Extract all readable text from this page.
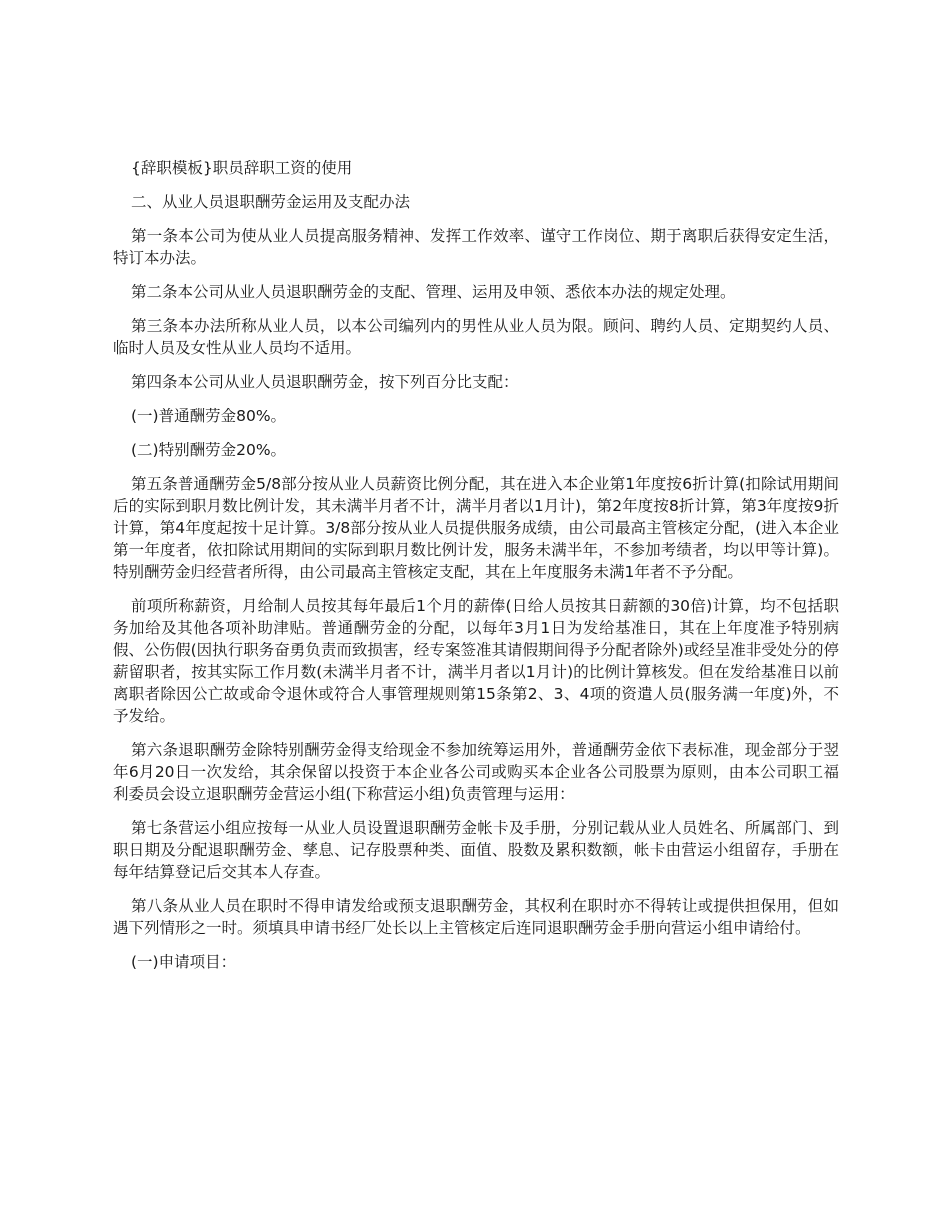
{辞职模板}职员辞职工资的使用

二、从业人员退职酬劳金运用及支配办法

第一条本公司为使从业人员提高服务精神、发挥工作效率、谨守工作岗位、期于离职后获得安定生活，特订本办法。

第二条本公司从业人员退职酬劳金的支配、管理、运用及申领、悉依本办法的规定处理。

第三条本办法所称从业人员，以本公司编列内的男性从业人员为限。顾问、聘约人员、定期契约人员、临时人员及女性从业人员均不适用。

第四条本公司从业人员退职酬劳金，按下列百分比支配：

(一)普通酬劳金80%。

(二)特别酬劳金20%。

第五条普通酬劳金5/8部分按从业人员薪资比例分配，其在进入本企业第1年度按6折计算(扣除试用期间后的实际到职月数比例计发，其未满半月者不计，满半月者以1月计)，第2年度按8折计算，第3年度按9折计算，第4年度起按十足计算。3/8部分按从业人员提供服务成绩，由公司最高主管核定分配，(进入本企业第一年度者，依扣除试用期间的实际到职月数比例计发，服务未满半年，不参加考绩者，均以甲等计算)。特别酬劳金归经营者所得，由公司最高主管核定支配，其在上年度服务未满1年者不予分配。

前项所称薪资，月给制人员按其每年最后1个月的薪俸(日给人员按其日薪额的30倍)计算，均不包括职务加给及其他各项补助津贴。普通酬劳金的分配，以每年3月1日为发给基准日，其在上年度准予特别病假、公伤假(因执行职务奋勇负责而致损害，经专案签准其请假期间得予分配者除外)或经呈准非受处分的停薪留职者，按其实际工作月数(未满半月者不计，满半月者以1月计)的比例计算核发。但在发给基准日以前离职者除因公亡故或命令退休或符合人事管理规则第15条第2、3、4项的资遣人员(服务满一年度)外，不予发给。

第六条退职酬劳金除特别酬劳金得支给现金不参加统筹运用外，普通酬劳金依下表标准，现金部分于翌年6月20日一次发给，其余保留以投资于本企业各公司或购买本企业各公司股票为原则，由本公司职工福利委员会设立退职酬劳金营运小组(下称营运小组)负责管理与运用：

第七条营运小组应按每一从业人员设置退职酬劳金帐卡及手册，分别记载从业人员姓名、所属部门、到职日期及分配退职酬劳金、孳息、记存股票种类、面值、股数及累积数额，帐卡由营运小组留存，手册在每年结算登记后交其本人存查。

第八条从业人员在职时不得申请发给或预支退职酬劳金，其权利在职时亦不得转让或提供担保用，但如遇下列情形之一时。须填具申请书经厂处长以上主管核定后连同退职酬劳金手册向营运小组申请给付。

(一)申请项目：
